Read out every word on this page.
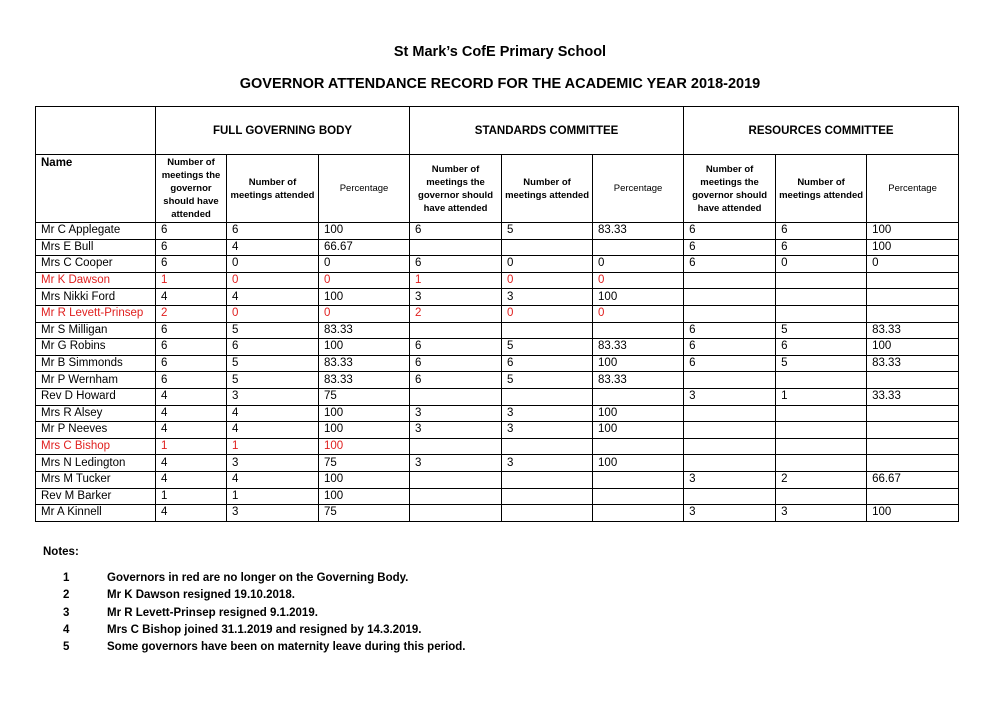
St Mark’s CofE Primary School
GOVERNOR ATTENDANCE RECORD FOR THE ACADEMIC YEAR 2018-2019
	FULL GOVERNING BODY			STANDARDS COMMITTEE			RESOURCES COMMITTEE		
Name	Number of meetings the governor should have attended	Number of meetings attended	Percentage	Number of meetings the governor should have attended	Number of meetings attended	Percentage	Number of meetings the governor should have attended	Number of meetings attended	Percentage
Mr C Applegate	6	6	100	6	5	83.33	6	6	100
Mrs E Bull	6	4	66.67				6	6	100
Mrs C Cooper	6	0	0	6	0	0	6	0	0
Mr K Dawson	1	0	0	1	0	0			
Mrs Nikki Ford	4	4	100	3	3	100			
Mr R Levett-Prinsep	2	0	0	2	0	0			
Mr S Milligan	6	5	83.33				6	5	83.33
Mr G Robins	6	6	100	6	5	83.33	6	6	100
Mr B Simmonds	6	5	83.33	6	6	100	6	5	83.33
Mr P Wernham	6	5	83.33	6	5	83.33			
Rev D Howard	4	3	75				3	1	33.33
Mrs R Alsey	4	4	100	3	3	100			
Mr P Neeves	4	4	100	3	3	100			
Mrs C Bishop	1	1	100						
Mrs N Ledington	4	3	75	3	3	100			
Mrs M Tucker	4	4	100				3	2	66.67
Rev M Barker	1	1	100						
Mr A Kinnell	4	3	75				3	3	100
Notes:
1	Governors in red are no longer on the Governing Body.
2	Mr K Dawson resigned 19.10.2018.
3	Mr R Levett-Prinsep resigned 9.1.2019.
4	Mrs C Bishop joined 31.1.2019 and resigned by 14.3.2019.
5	Some governors have been on maternity leave during this period.
